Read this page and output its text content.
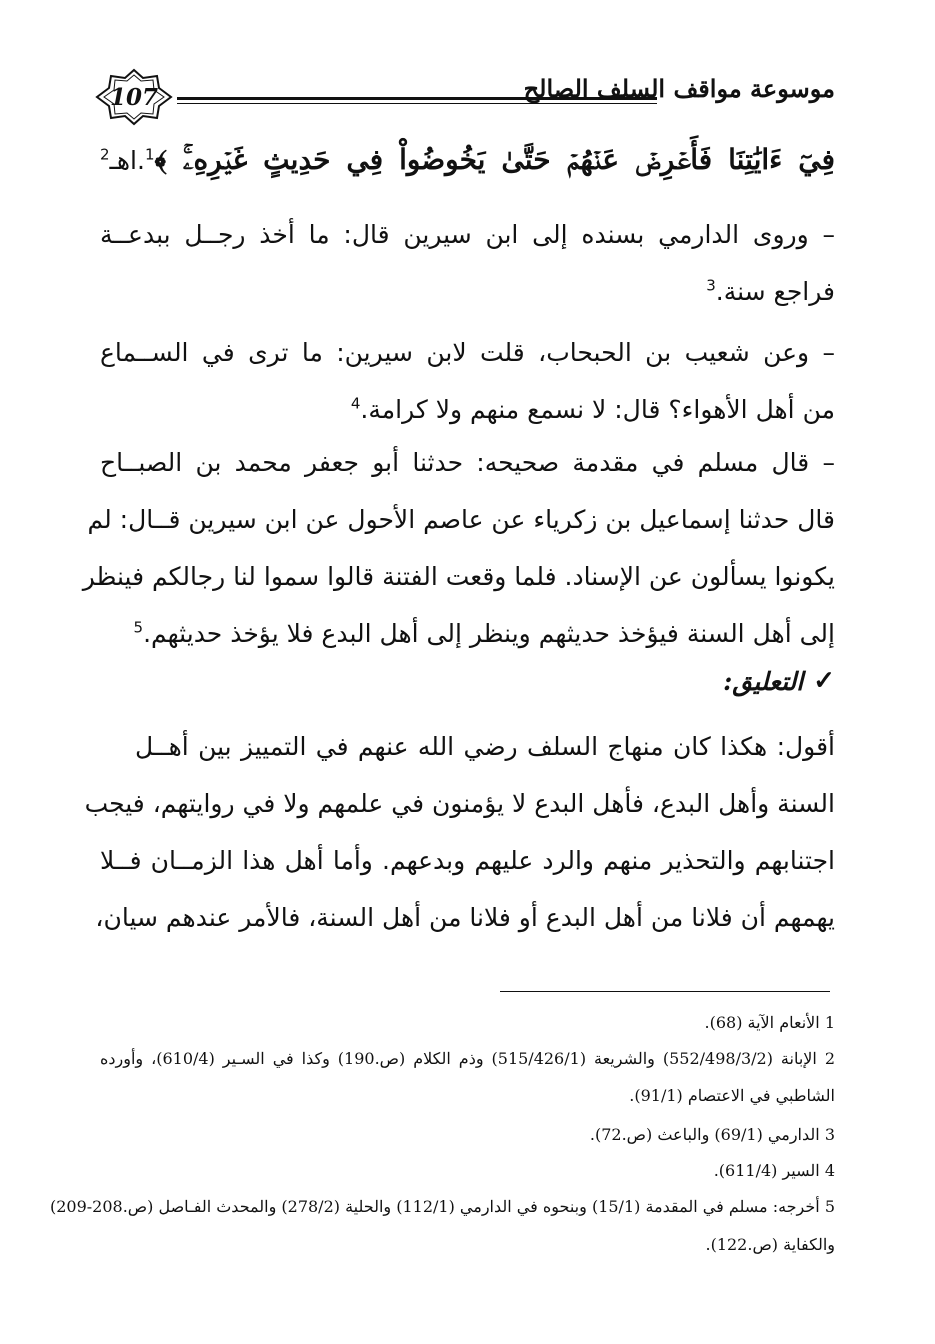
107	موسوعة مواقف السلف الصالح
فِيٓ ءَايَٰتِنَا فَأَعۡرِضۡ عَنۡهُمۡ حَتَّىٰ يَخُوضُواْ فِي حَدِيثٍ غَيۡرِهِۦۚ ﴾$^1$.اهـ$^2$
– وروى الدارمي بسنده إلى ابن سيرين قال: ما أخذ رجــل ببدعــة
فراجع سنة.$^3$
– وعن شعيب بن الحبحاب، قلت لابن سيرين: ما ترى في الســماع
من أهل الأهواء؟ قال: لا نسمع منهم ولا كرامة.$^4$
– قال مسلم في مقدمة صحيحه: حدثنا أبو جعفر محمد بن الصبــاح
قال حدثنا إسماعيل بن زكرياء عن عاصم الأحول عن ابن سيرين قــال: لم
يكونوا يسألون عن الإسناد. فلما وقعت الفتنة قالوا سموا لنا رجالكم فينظر
إلى أهل السنة فيؤخذ حديثهم وينظر إلى أهل البدع فلا يؤخذ حديثهم.$^5$
✓
التعليق:
أقول: هكذا كان منهاج السلف رضي الله عنهم في التمييز بين أهــل
السنة وأهل البدع، فأهل البدع لا يؤمنون في علمهم ولا في روايتهم، فيجب
اجتنابهم والتحذير منهم والرد عليهم وبدعهم. وأما أهل هذا الزمــان فــلا
يهمهم أن فلانا من أهل البدع أو فلانا من أهل السنة، فالأمر عندهم سيان،
1 الأنعام الآية (68).
2 الإبانة (552/498/3/2) والشريعة (515/426/1) وذم الكلام (ص.190) وكذا في السـير (610/4)، وأورده
الشاطبي في الاعتصام (91/1).
3 الدارمي (69/1) والباعث (ص.72).
4 السير (611/4).
5 أخرجه: مسلم في المقدمة (15/1) وبنحوه في الدارمي (112/1) والحلية (278/2) والمحدث الفـاصل (ص.208-209)
والكفاية (ص.122).
